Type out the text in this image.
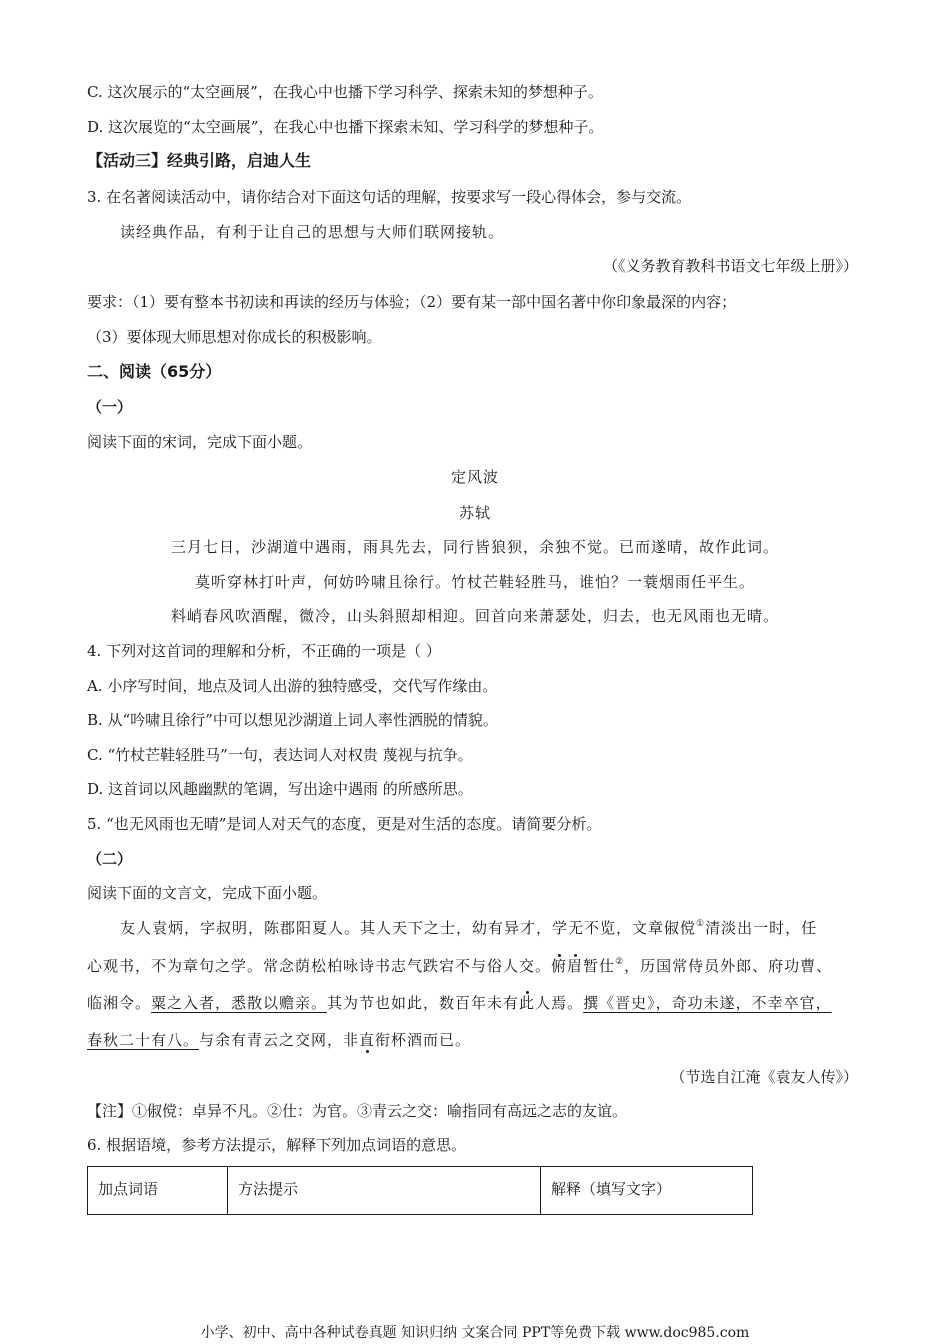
C. 这次展示的“太空画展”，在我心中也播下学习科学、探索未知的梦想种子。
D. 这次展览的“太空画展”，在我心中也播下探索未知、学习科学的梦想种子。
【活动三】经典引路，启迪人生
3. 在名著阅读活动中，请你结合对下面这句话的理解，按要求写一段心得体会，参与交流。
读经典作品，有利于让自己的思想与大师们联网接轨。
（《义务教育教科书语文七年级上册》）
要求：（1）要有整本书初读和再读的经历与体验；（2）要有某一部中国名著中你印象最深的内容；
（3）要体现大师思想对你成长的积极影响。
二、阅读（65分）
（一）
阅读下面的宋词，完成下面小题。
定风波
苏轼
三月七日，沙湖道中遇雨，雨具先去，同行皆狼狈，余独不觉。已而遂晴，故作此词。
莫听穿林打叶声，何妨吟啸且徐行。竹杖芒鞋轻胜马，谁怕？一蓑烟雨任平生。
料峭春风吹酒醒，微冷，山头斜照却相迎。回首向来萧瑟处，归去，也无风雨也无晴。
4. 下列对这首词的理解和分析，不正确的一项是（ ）
A. 小序写时间，地点及词人出游的独特感受，交代写作缘由。
B. 从“吟啸且徐行”中可以想见沙湖道上词人率性洒脱的情貌。
C. “竹杖芒鞋轻胜马”一句，表达词人对权贵 蔑视与抗争。
D. 这首词以风趣幽默的笔调，写出途中遇雨 的所感所思。
5. “也无风雨也无晴”是词人对天气的态度，更是对生活的态度。请简要分析。
（二）
阅读下面的文言文，完成下面小题。
友人袁炳，字叔明，陈郡阳夏人。其人天下之士，幼有异才，学无不览，文章俶傥①清淡出一时，任
心观书，不为章句之学。常念荫松柏咏诗书志气跌宕不与俗人交。俯眉暂仕②，历国常侍员外郎、府功曹、
临湘令。粟之入者，悉散以赡亲。其为节也如此，数百年未有此人焉。撰《晋史》，奇功未遂，不幸卒官，
春秋二十有八。与余有青云之交网，非直衔杯酒而已。
（节选自江淹《袁友人传》）
【注】①俶傥：卓异不凡。②仕：为官。③青云之交：喻指同有高远之志的友谊。
6. 根据语境，参考方法提示，解释下列加点词语的意思。
加点词语	方法提示	解释（填写文字）
小学、初中、高中各种试卷真题 知识归纳 文案合同 PPT等免费下载 www.doc985.com
